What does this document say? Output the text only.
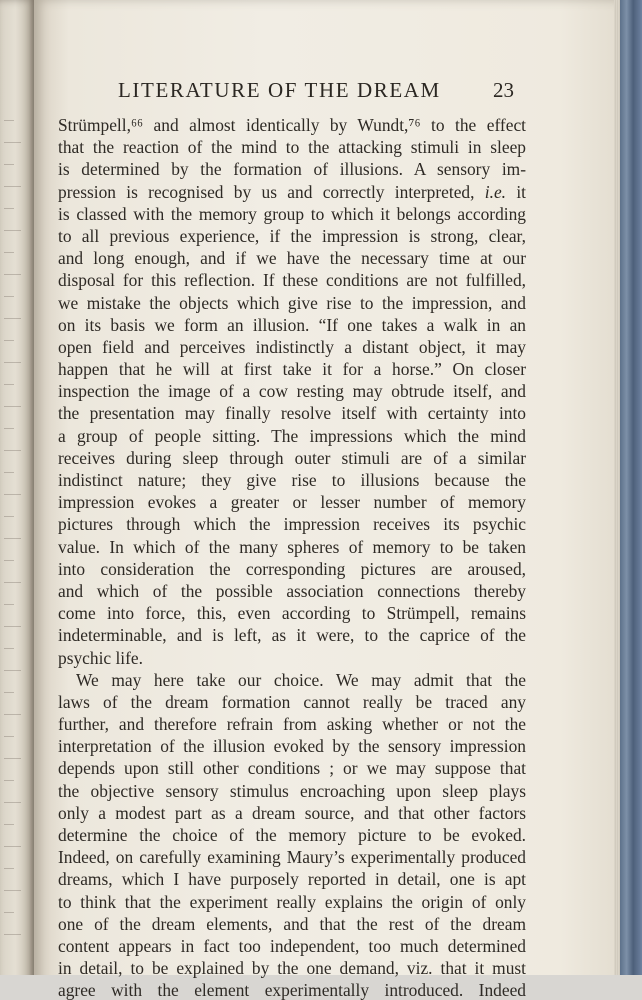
LITERATURE OF THE DREAM 23
Strümpell,⁶⁶ and almost identically by Wundt,⁷⁶ to the effect
that the reaction of the mind to the attacking stimuli in sleep
is determined by the formation of illusions. A sensory im-
pression is recognised by us and correctly interpreted, i.e. it
is classed with the memory group to which it belongs according
to all previous experience, if the impression is strong, clear,
and long enough, and if we have the necessary time at our
disposal for this reflection. If these conditions are not fulfilled,
we mistake the objects which give rise to the impression, and
on its basis we form an illusion. “If one takes a walk in an
open field and perceives indistinctly a distant object, it may
happen that he will at first take it for a horse.” On closer
inspection the image of a cow resting may obtrude itself, and
the presentation may finally resolve itself with certainty into
a group of people sitting. The impressions which the mind
receives during sleep through outer stimuli are of a similar
indistinct nature; they give rise to illusions because the
impression evokes a greater or lesser number of memory
pictures through which the impression receives its psychic
value. In which of the many spheres of memory to be taken
into consideration the corresponding pictures are aroused,
and which of the possible association connections thereby
come into force, this, even according to Strümpell, remains
indeterminable, and is left, as it were, to the caprice of the
psychic life.
We may here take our choice. We may admit that the
laws of the dream formation cannot really be traced any
further, and therefore refrain from asking whether or not the
interpretation of the illusion evoked by the sensory impression
depends upon still other conditions ; or we may suppose that
the objective sensory stimulus encroaching upon sleep plays
only a modest part as a dream source, and that other factors
determine the choice of the memory picture to be evoked.
Indeed, on carefully examining Maury’s experimentally produced
dreams, which I have purposely reported in detail, one is apt
to think that the experiment really explains the origin of only
one of the dream elements, and that the rest of the dream
content appears in fact too independent, too much determined
in detail, to be explained by the one demand, viz. that it must
agree with the element experimentally introduced. Indeed
